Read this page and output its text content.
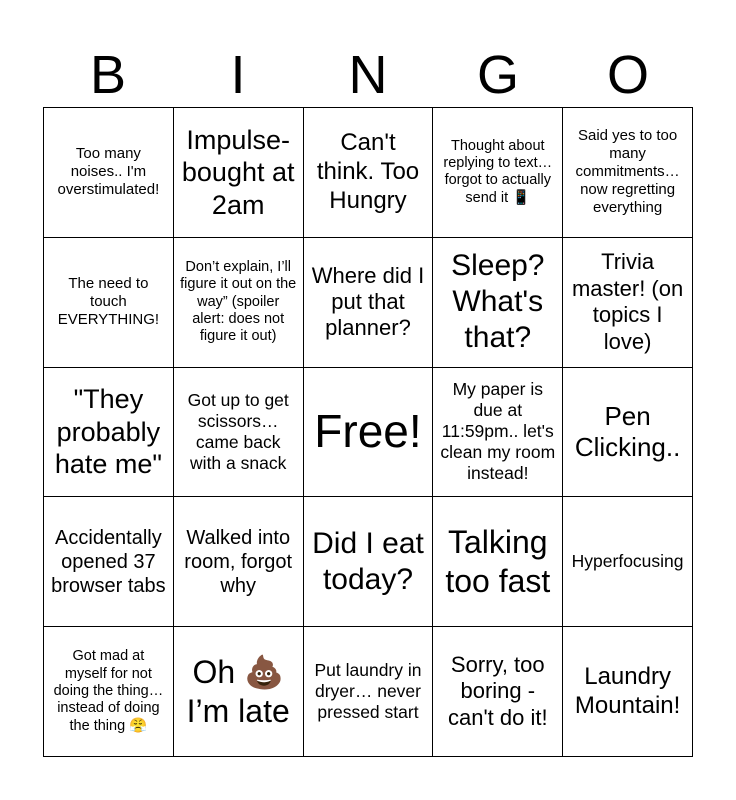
B	I	N	G	O
Too many noises.. I'm overstimulated!
Impulse-bought at 2am
Can't think. Too Hungry
Thought about replying to text…
forgot to actually send it 📱
Said yes to too many commitments… now regretting everything
The need to touch EVERYTHING!
Don’t explain, I’ll figure it out on the way” (spoiler alert: does not figure it out)
Where did I
put that planner?
Sleep? What's that?
Trivia master! (on topics I love)
"They probably hate me"
Got up to get scissors… came back with a snack
Free!
My paper is due at 11:59pm.. let's clean my room instead!
Pen Clicking..
Accidentally opened 37 browser tabs
Walked into room, forgot
why
Did I eat today?
Talking too fast
Hyperfocusing
Got mad at myself for not doing the thing… instead of doing the thing 😤
Oh 💩 I’m late
Put laundry in dryer… never pressed start
Sorry, too boring - can't do it!
Laundry Mountain!
